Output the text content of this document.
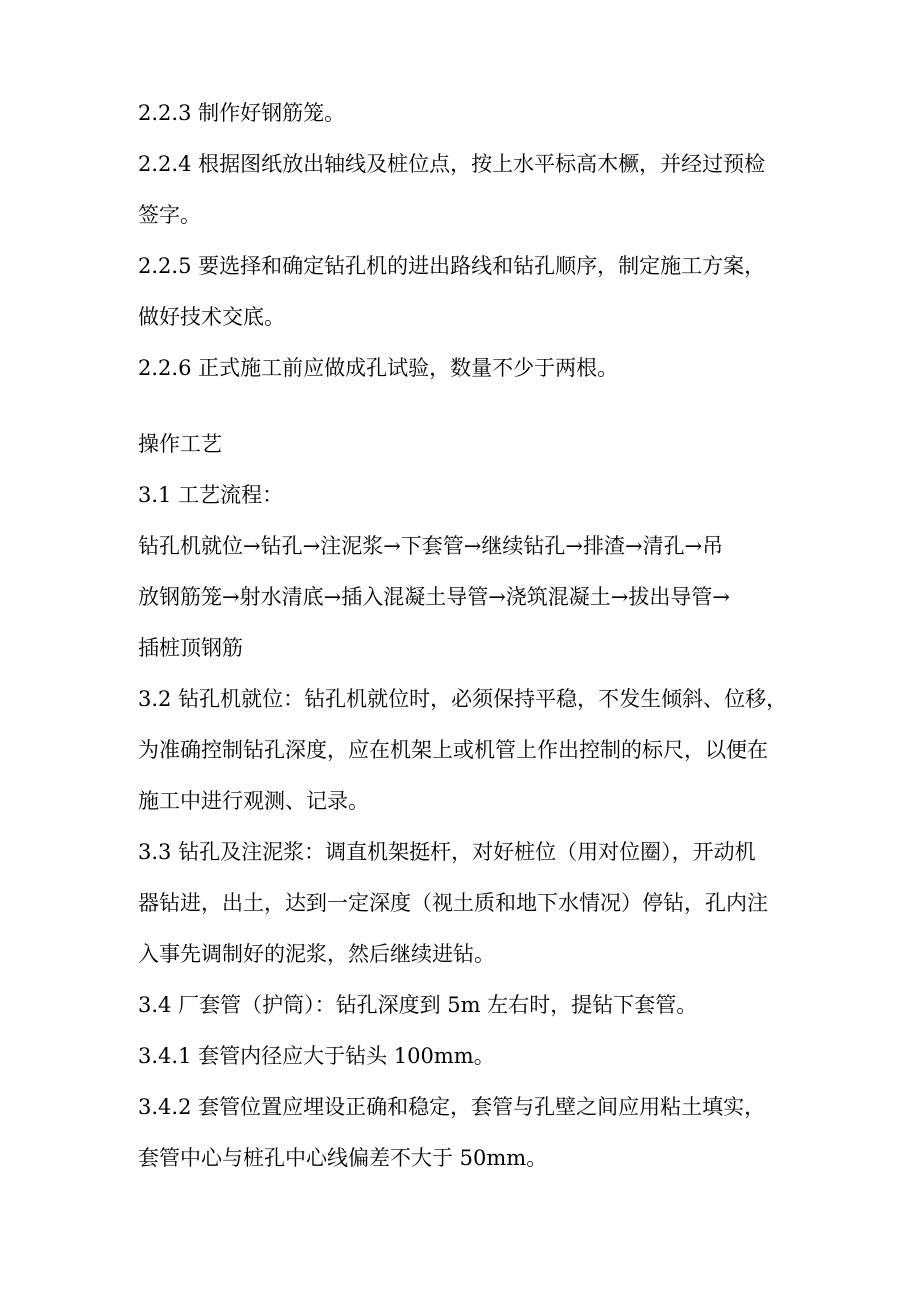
2.2.3 制作好钢筋笼。
2.2.4 根据图纸放出轴线及桩位点，按上水平标高木橛，并经过预检
签字。
2.2.5 要选择和确定钻孔机的进出路线和钻孔顺序，制定施工方案，
做好技术交底。
2.2.6 正式施工前应做成孔试验，数量不少于两根。
操作工艺
3.1 工艺流程：
钻孔机就位→钻孔→注泥浆→下套管→继续钻孔→排渣→清孔→吊
放钢筋笼→射水清底→插入混凝土导管→浇筑混凝土→拔出导管→
插桩顶钢筋
3.2 钻孔机就位：钻孔机就位时，必须保持平稳，不发生倾斜、位移，
为准确控制钻孔深度，应在机架上或机管上作出控制的标尺，以便在
施工中进行观测、记录。
3.3 钻孔及注泥浆：调直机架挺杆，对好桩位（用对位圈），开动机
器钻进，出土，达到一定深度（视土质和地下水情况）停钻，孔内注
入事先调制好的泥浆，然后继续进钻。
3.4 厂套管（护筒）：钻孔深度到 5m 左右时，提钻下套管。
3.4.1 套管内径应大于钻头 100mm。
3.4.2 套管位置应埋设正确和稳定，套管与孔壁之间应用粘土填实，
套管中心与桩孔中心线偏差不大于 50mm。
